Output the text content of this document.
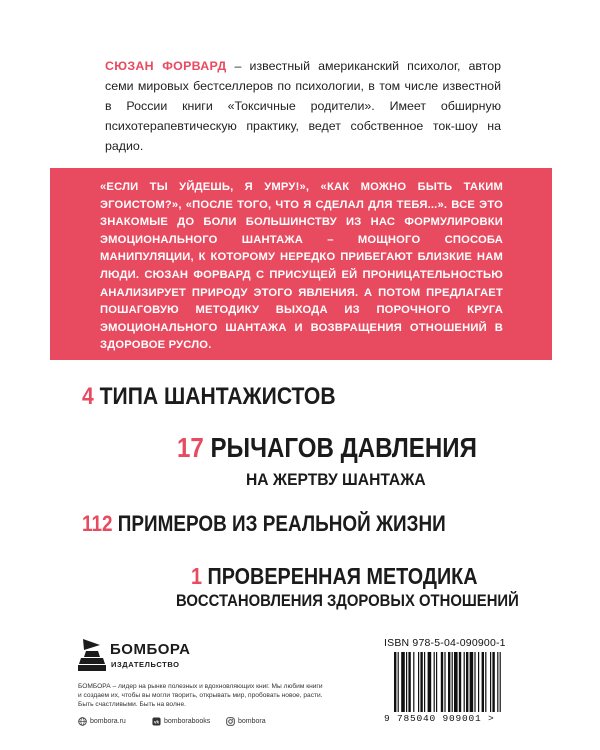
СЮЗАН ФОРВАРД – известный американский психолог, автор семи мировых бестселлеров по психологии, в том числе известной в России книги «Токсичные родители». Имеет обширную психотерапевтическую практику, ведет собственное ток-шоу на радио.

«ЕСЛИ ТЫ УЙДЕШЬ, Я УМРУ!», «КАК МОЖНО БЫТЬ ТАКИМ ЭГОИСТОМ?», «ПОСЛЕ ТОГО, ЧТО Я СДЕЛАЛ ДЛЯ ТЕБЯ...». ВСЕ ЭТО ЗНАКОМЫЕ ДО БОЛИ БОЛЬШИНСТВУ ИЗ НАС ФОРМУЛИРОВКИ ЭМОЦИОНАЛЬНОГО ШАНТАЖА – МОЩНОГО СПОСОБА МАНИПУЛЯЦИИ, К КОТОРОМУ НЕРЕДКО ПРИБЕГАЮТ БЛИЗКИЕ НАМ ЛЮДИ. СЮЗАН ФОРВАРД С ПРИСУЩЕЙ ЕЙ ПРОНИЦАТЕЛЬНОСТЬЮ АНАЛИЗИРУЕТ ПРИРОДУ ЭТОГО ЯВЛЕНИЯ. А ПОТОМ ПРЕДЛАГАЕТ ПОШАГОВУЮ МЕТОДИКУ ВЫХОДА ИЗ ПОРОЧНОГО КРУГА ЭМОЦИОНАЛЬНОГО ШАНТАЖА И ВОЗВРАЩЕНИЯ ОТНОШЕНИЙ В ЗДОРОВОЕ РУСЛО.
4 ТИПА ШАНТАЖИСТОВ
17 РЫЧАГОВ ДАВЛЕНИЯ
НА ЖЕРТВУ ШАНТАЖА
112 ПРИМЕРОВ ИЗ РЕАЛЬНОЙ ЖИЗНИ
1 ПРОВЕРЕННАЯ МЕТОДИКА
ВОССТАНОВЛЕНИЯ ЗДОРОВЫХ ОТНОШЕНИЙ
БОМБОРА
ИЗДАТЕЛЬСТВО
БОМБОРА – лидер на рынке полезных и вдохновляющих книг. Мы любим книги и создаем их, чтобы вы могли творить, открывать мир, пробовать новое, расти. Быть счастливыми. Быть на волне.
bombora.ru	vk bomborabooks	bombora
ISBN 978-5-04-090900-1
9 785040 909001 >
